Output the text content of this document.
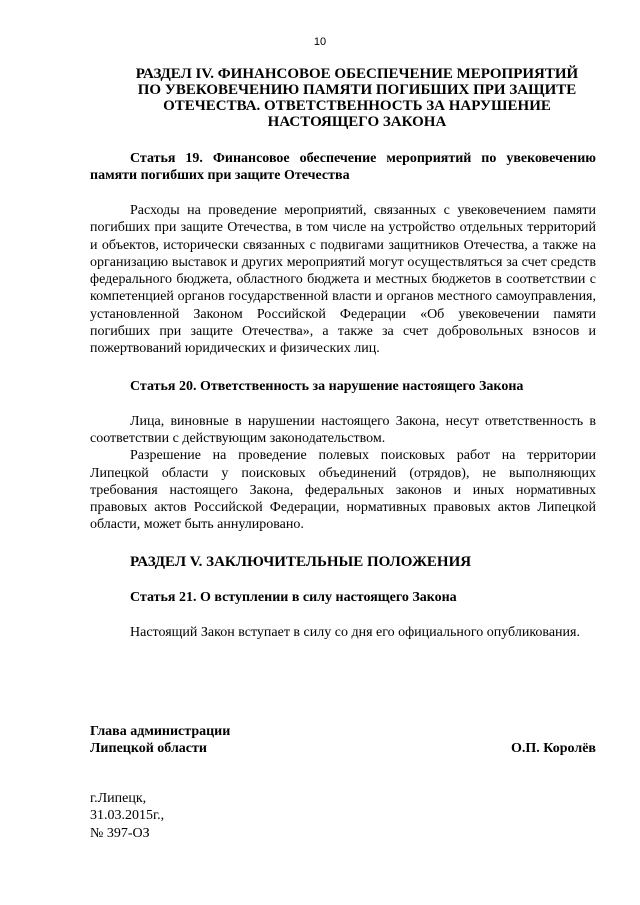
10

РАЗДЕЛ IV. ФИНАНСОВОЕ ОБЕСПЕЧЕНИЕ МЕРОПРИЯТИЙ

ПО УВЕКОВЕЧЕНИЮ ПАМЯТИ ПОГИБШИХ ПРИ ЗАЩИТЕ

ОТЕЧЕСТВА. ОТВЕТСТВЕННОСТЬ ЗА НАРУШЕНИЕ

НАСТОЯЩЕГО ЗАКОНА

Статья 19. Финансовое обеспечение мероприятий по увековечению памяти погибших при защите Отечества

Расходы на проведение мероприятий, связанных с увековечением памяти погибших при защите Отечества, в том числе на устройство отдельных территорий и объектов, исторически связанных с подвигами защитников Отечества, а также на организацию выставок и других мероприятий могут осуществляться за счет средств федерального бюджета, областного бюджета и местных бюджетов в соответствии с компетенцией органов государственной власти и органов местного самоуправления, установленной Законом Российской Федерации «Об увековечении памяти погибших при защите Отечества», а также за счет добровольных взносов и пожертвований юридических и физических лиц.

Статья 20. Ответственность за нарушение настоящего Закона

Лица, виновные в нарушении настоящего Закона, несут ответственность в соответствии с действующим законодательством.

Разрешение на проведение полевых поисковых работ на территории Липецкой области у поисковых объединений (отрядов), не выполняющих требования настоящего Закона, федеральных законов и иных нормативных правовых актов Российской Федерации, нормативных правовых актов Липецкой области, может быть аннулировано.

РАЗДЕЛ V. ЗАКЛЮЧИТЕЛЬНЫЕ ПОЛОЖЕНИЯ

Статья 21. О вступлении в силу настоящего Закона

Настоящий Закон вступает в силу со дня его официального опубликования.

Глава администрации

Липецкой области	О.П. Королёв

г.Липецк,

31.03.2015г.,

№ 397-ОЗ
